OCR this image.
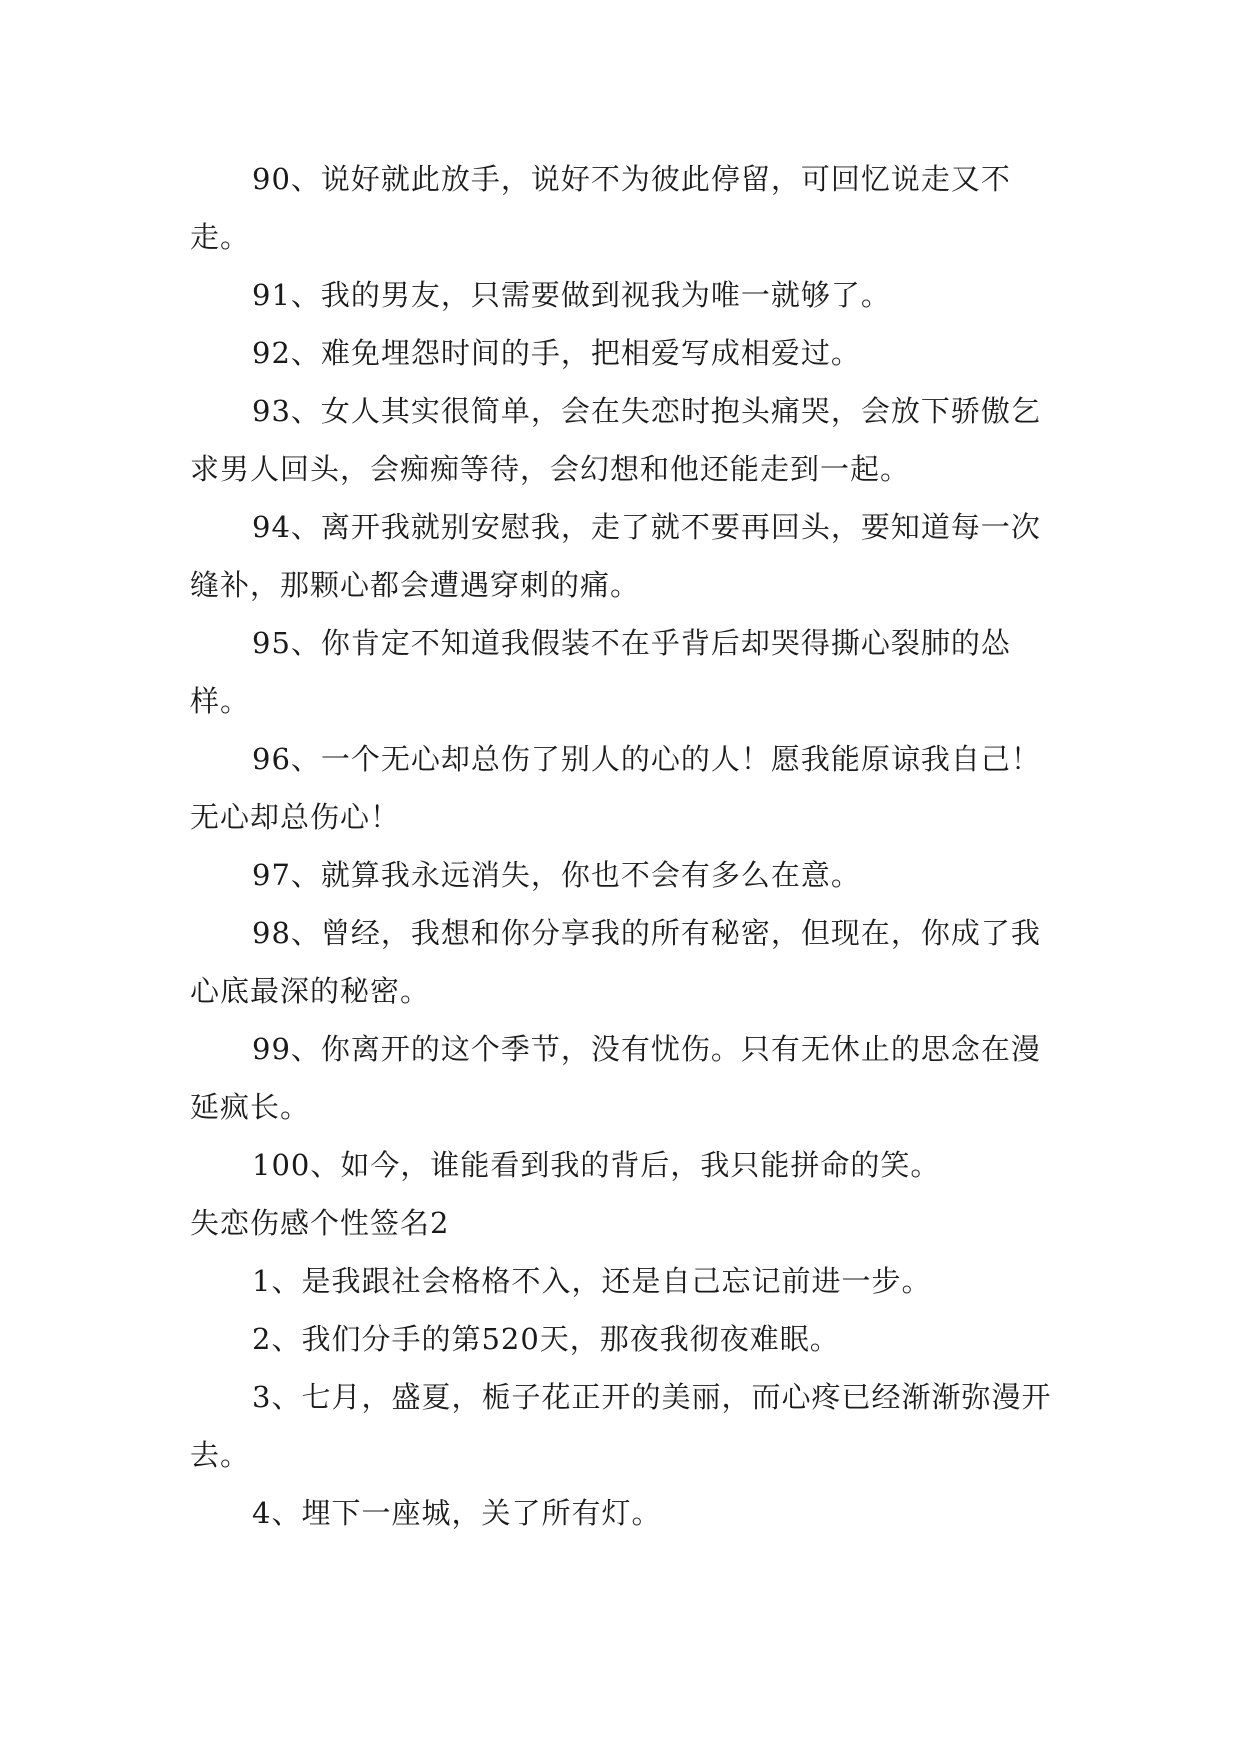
90、说好就此放手，说好不为彼此停留，可回忆说走又不走。

91、我的男友，只需要做到视我为唯一就够了。

92、难免埋怨时间的手，把相爱写成相爱过。

93、女人其实很简单，会在失恋时抱头痛哭，会放下骄傲乞求男人回头，会痴痴等待，会幻想和他还能走到一起。

94、离开我就别安慰我，走了就不要再回头，要知道每一次缝补，那颗心都会遭遇穿刺的痛。

95、你肯定不知道我假装不在乎背后却哭得撕心裂肺的怂样。

96、一个无心却总伤了别人的心的人！愿我能原谅我自己！无心却总伤心！

97、就算我永远消失，你也不会有多么在意。

98、曾经，我想和你分享我的所有秘密，但现在，你成了我心底最深的秘密。

99、你离开的这个季节，没有忧伤。只有无休止的思念在漫延疯长。

100、如今，谁能看到我的背后，我只能拼命的笑。

失恋伤感个性签名2

1、是我跟社会格格不入，还是自己忘记前进一步。

2、我们分手的第520天，那夜我彻夜难眠。

3、七月，盛夏，栀子花正开的美丽，而心疼已经渐渐弥漫开去。

4、埋下一座城，关了所有灯。
